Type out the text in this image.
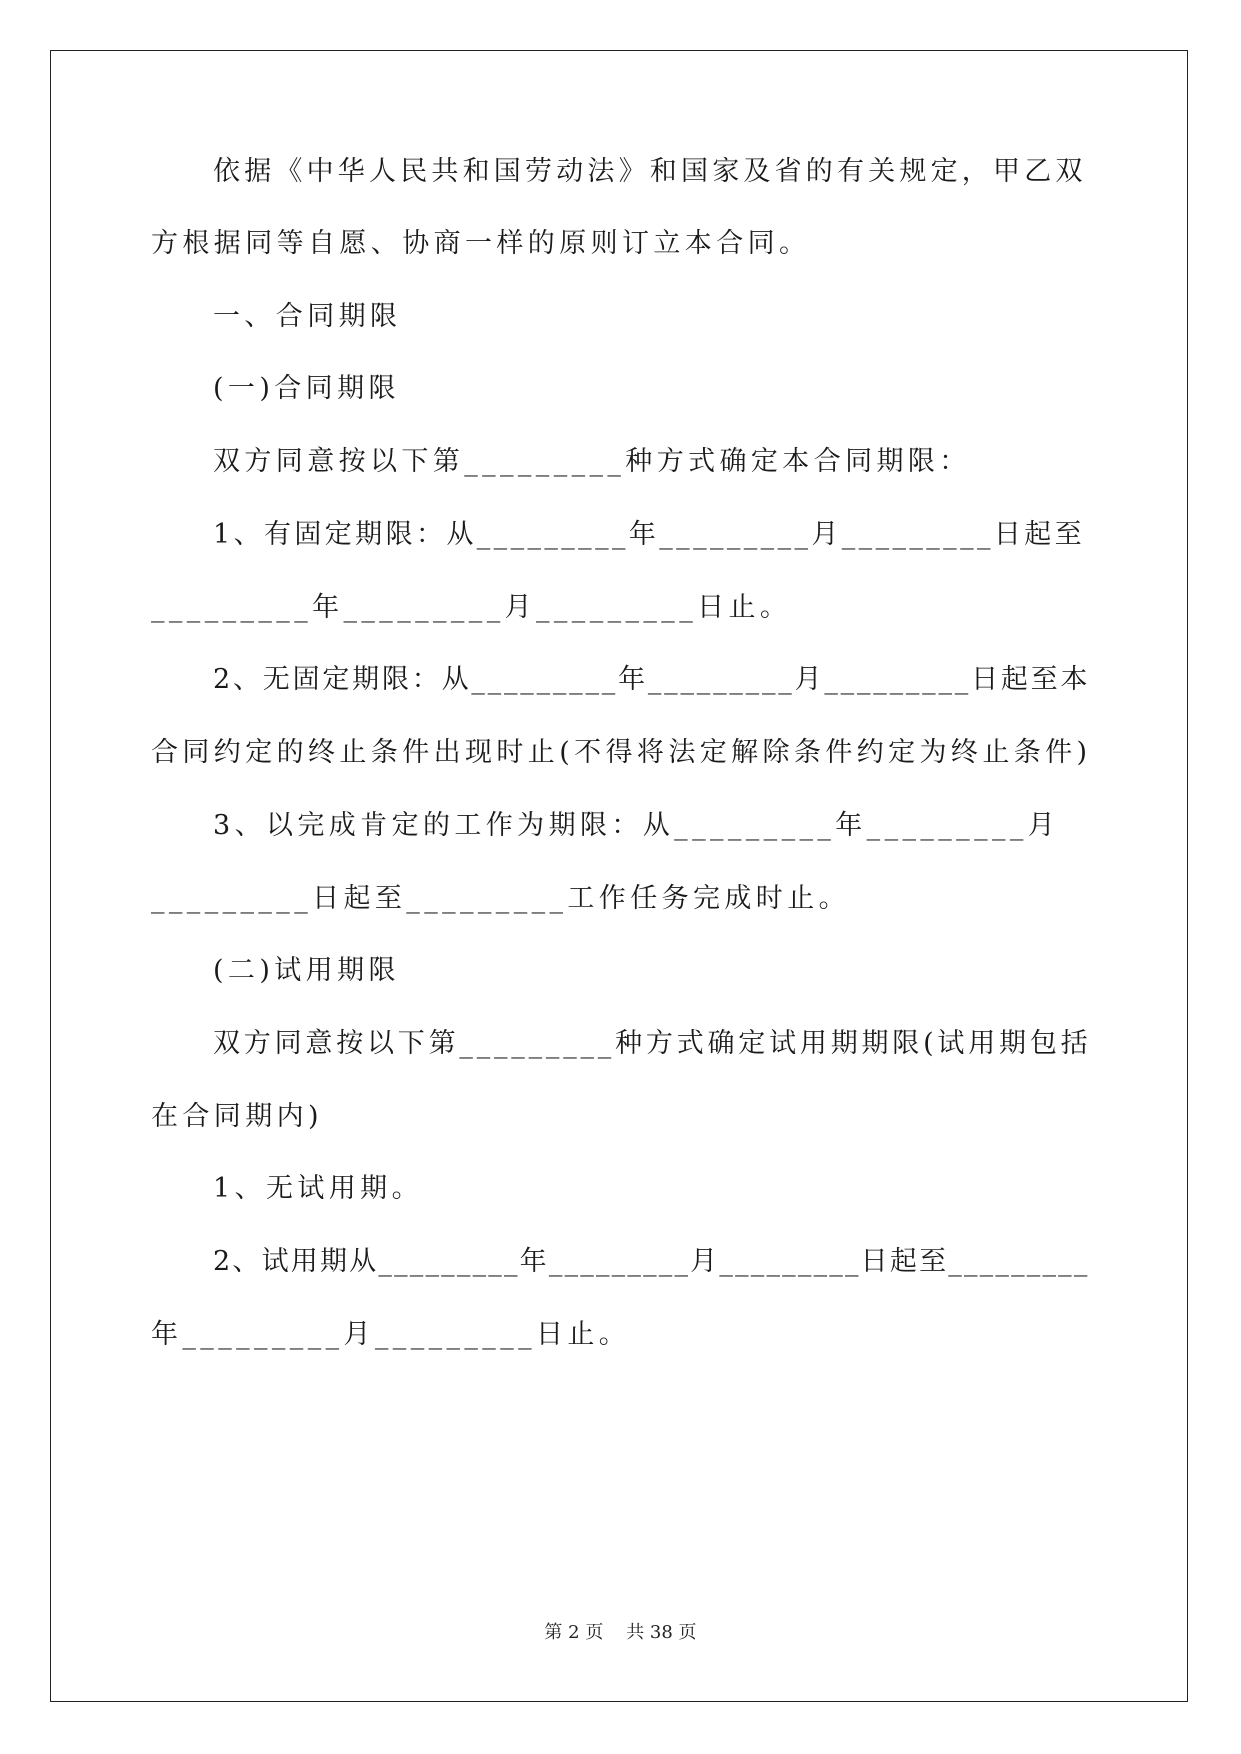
依据《中华人民共和国劳动法》和国家及省的有关规定，甲乙双
方根据同等自愿、协商一样的原则订立本合同。
一、合同期限
(一)合同期限
双方同意按以下第_________种方式确定本合同期限：
1、有固定期限：从_________年_________月_________日起至
_________年_________月_________日止。
2、无固定期限：从_________年_________月_________日起至本
合同约定的终止条件出现时止(不得将法定解除条件约定为终止条件)
3、以完成肯定的工作为期限：从_________年_________月
_________日起至_________工作任务完成时止。
(二)试用期限
双方同意按以下第_________种方式确定试用期期限(试用期包括
在合同期内)
1、无试用期。
2、试用期从_________年_________月_________日起至_________
年_________月_________日止。
第 2 页    共 38 页
